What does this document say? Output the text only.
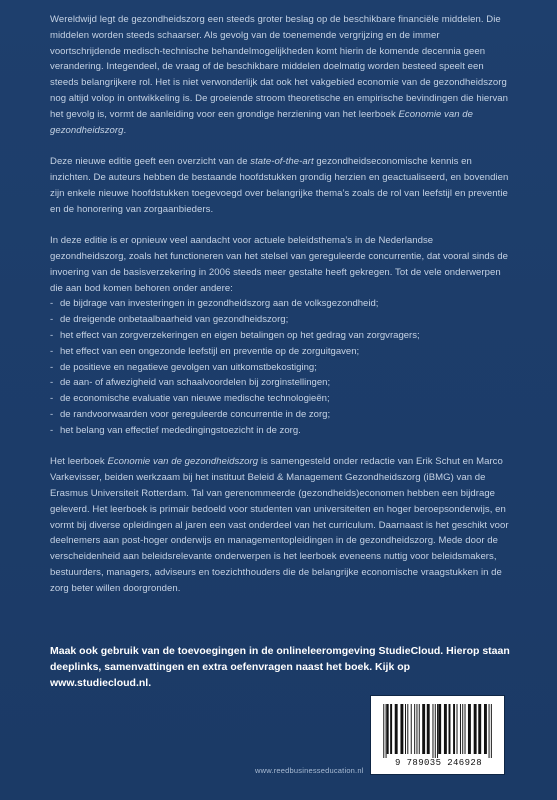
Wereldwijd legt de gezondheidszorg een steeds groter beslag op de beschikbare financiële middelen. Die middelen worden steeds schaarser. Als gevolg van de toenemende vergrijzing en de immer voortschrijdende medisch-technische behandelmogelijkheden komt hierin de komende decennia geen verandering. Integendeel, de vraag of de beschikbare middelen doelmatig worden besteed speelt een steeds belangrijkere rol. Het is niet verwonderlijk dat ook het vakgebied economie van de gezondheidszorg nog altijd volop in ontwikkeling is. De groeiende stroom theoretische en empirische bevindingen die hiervan het gevolg is, vormt de aanleiding voor een grondige herziening van het leerboek Economie van de gezondheidszorg.

Deze nieuwe editie geeft een overzicht van de state-of-the-art gezondheidseconomische kennis en inzichten. De auteurs hebben de bestaande hoofdstukken grondig herzien en geactualiseerd, en bovendien zijn enkele nieuwe hoofdstukken toegevoegd over belangrijke thema’s zoals de rol van leefstijl en preventie en de honorering van zorgaanbieders.

In deze editie is er opnieuw veel aandacht voor actuele beleidsthema’s in de Nederlandse gezondheidszorg, zoals het functioneren van het stelsel van gereguleerde concurrentie, dat vooral sinds de invoering van de basisverzekering in 2006 steeds meer gestalte heeft gekregen. Tot de vele onderwerpen die aan bod komen behoren onder andere:

- de bijdrage van investeringen in gezondheidszorg aan de volksgezondheid;
- de dreigende onbetaalbaarheid van gezondheidszorg;
- het effect van zorgverzekeringen en eigen betalingen op het gedrag van zorgvragers;
- het effect van een ongezonde leefstijl en preventie op de zorguitgaven;
- de positieve en negatieve gevolgen van uitkomstbekostiging;
- de aan- of afwezigheid van schaalvoordelen bij zorginstellingen;
- de economische evaluatie van nieuwe medische technologieën;
- de randvoorwaarden voor gereguleerde concurrentie in de zorg;
- het belang van effectief mededingingstoezicht in de zorg.

Het leerboek Economie van de gezondheidszorg is samengesteld onder redactie van Erik Schut en Marco Varkevisser, beiden werkzaam bij het instituut Beleid & Management Gezondheidszorg (iBMG) van de Erasmus Universiteit Rotterdam. Tal van gerenommeerde (gezondheids)economen hebben een bijdrage geleverd. Het leerboek is primair bedoeld voor studenten van universiteiten en hoger beroepsonderwijs, en vormt bij diverse opleidingen al jaren een vast onderdeel van het curriculum. Daarnaast is het geschikt voor deelnemers aan post-hoger onderwijs en managementopleidingen in de gezondheidszorg. Mede door de verscheidenheid aan beleidsrelevante onderwerpen is het leerboek eveneens nuttig voor beleidsmakers, bestuurders, managers, adviseurs en toezichthouders die de belangrijke economische vraagstukken in de zorg beter willen doorgronden.

Maak ook gebruik van de toevoegingen in de onlineleeromgeving StudieCloud. Hierop staan deeplinks, samenvattingen en extra oefenvragen naast het boek. Kijk op www.studiecloud.nl.
9 789035 246928
www.reedbusinesseducation.nl
